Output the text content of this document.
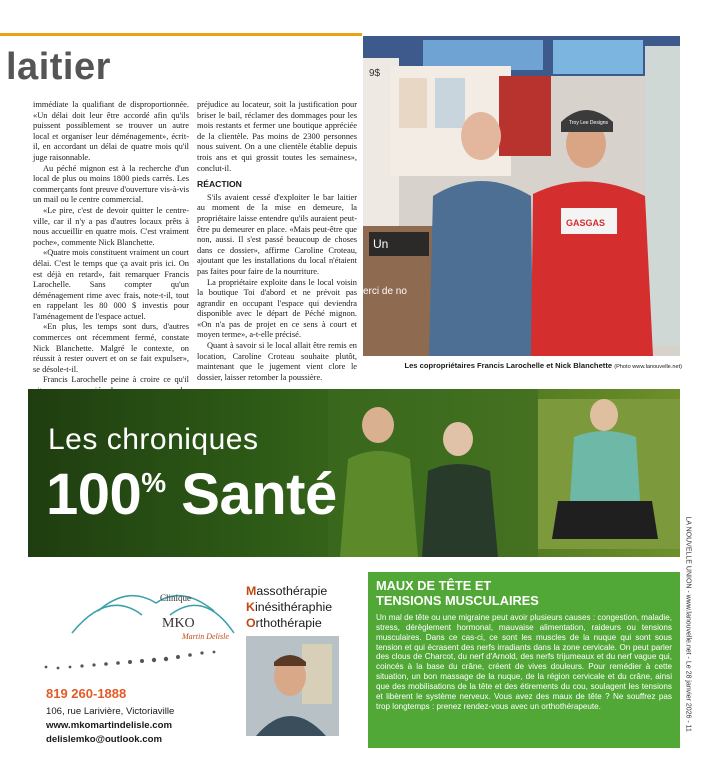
laitier

immédiate la qualifiant de disproportionnée. «Un délai doit leur être accordé afin qu'ils puissent possiblement se trouver un autre local et organiser leur déménagement», écrit-il, en accordant un délai de quatre mois qu'il juge raisonnable.

Au péché mignon est à la recherche d'un local de plus ou moins 1800 pieds carrés. Les commerçants font preuve d'ouverture vis-à-vis un mail ou le centre commercial.

«Le pire, c'est de devoir quitter le centre-ville, car il n'y a pas d'autres locaux prêts à nous accueillir en quatre mois. C'est vraiment poche», commente Nick Blanchette.

«Quatre mois constituent vraiment un court délai. C'est le temps que ça avait pris ici. On est déjà en retard», fait remarquer Francis Larochelle. Sans compter qu'un déménagement rime avec frais, note-t-il, tout en rappelant les 80 000 $ investis pour l'aménagement de l'espace actuel.

«En plus, les temps sont durs, d'autres commerces ont récemment fermé, constate Nick Blanchette. Malgré le contexte, on réussit à rester ouvert et on se fait expulser», se désole-t-il.

Francis Larochelle peine à croire ce qu'il

préjudice au locateur, soit la justification pour briser le bail, réclamer des dommages pour les mois restants et fermer une boutique appréciée de la clientèle. Pas moins de 2300 personnes nous suivent. On a une clientèle établie depuis trois ans et qui grossit toutes les semaines», conclut-il.

RÉACTION

S'ils avaient cessé d'exploiter le bar laitier au moment de la mise en demeure, la propriétaire laisse entendre qu'ils auraient peut-être pu demeurer en place. «Mais peut-être que non, aussi. Il s'est passé beaucoup de choses dans ce dossier», affirme Caroline Croteau, ajoutant que les installations du local n'étaient pas faites pour faire de la nourriture.

La propriétaire exploite dans le local voisin la boutique Toi d'abord et ne prévoit pas agrandir en occupant l'espace qui deviendra disponible avec le départ de Péché mignon. «On n'a pas de projet en ce sens à court et moyen terme», a-t-elle précisé.

Quant à savoir si le local allait être remis en location, Caroline Croteau souhaite plutôt, maintenant que le jugement vient clore le dossier, laisser retomber la poussière.

9$
Un
erci de no
Troy Lee Designs
GASGAS
Les copropriétaires Francis Larochelle et Nick Blanchette (Photo www.lanouvelle.net)
LA NOUVELLE UNION - www.lanouvelle.net - Le 28 janvier 2026 - 11
Les chroniques
100% Santé
Clinique
MKO
Martin Delisle
819 260-1888
106, rue Larivière, Victoriaville
www.mkomartindelisle.com
delislemko@outlook.com
Massothérapie
Kinésithéraphie
Orthothérapie
MAUX DE TÊTE ET
TENSIONS MUSCULAIRES

Un mal de tête ou une migraine peut avoir plusieurs causes : congestion, maladie, stress, dérèglement hormonal, mauvaise alimentation, raideurs ou tensions musculaires. Dans ce cas-ci, ce sont les muscles de la nuque qui sont sous tension et qui écrasent des nerfs irradiants dans la zone cervicale. On peut parler des clous de Charcot, du nerf d'Arnold, des nerfs trijumeaux et du nerf vague qui, coincés à la base du crâne, créent de vives douleurs. Pour remédier à cette situation, un bon massage de la nuque, de la région cervicale et du crâne, ainsi que des mobilisations de la tête et des étirements du cou, soulagent les tensions et libèrent le système nerveux. Vous avez des maux de tête ? Ne souffrez pas trop longtemps : prenez rendez-vous avec un orthothérapeute.
